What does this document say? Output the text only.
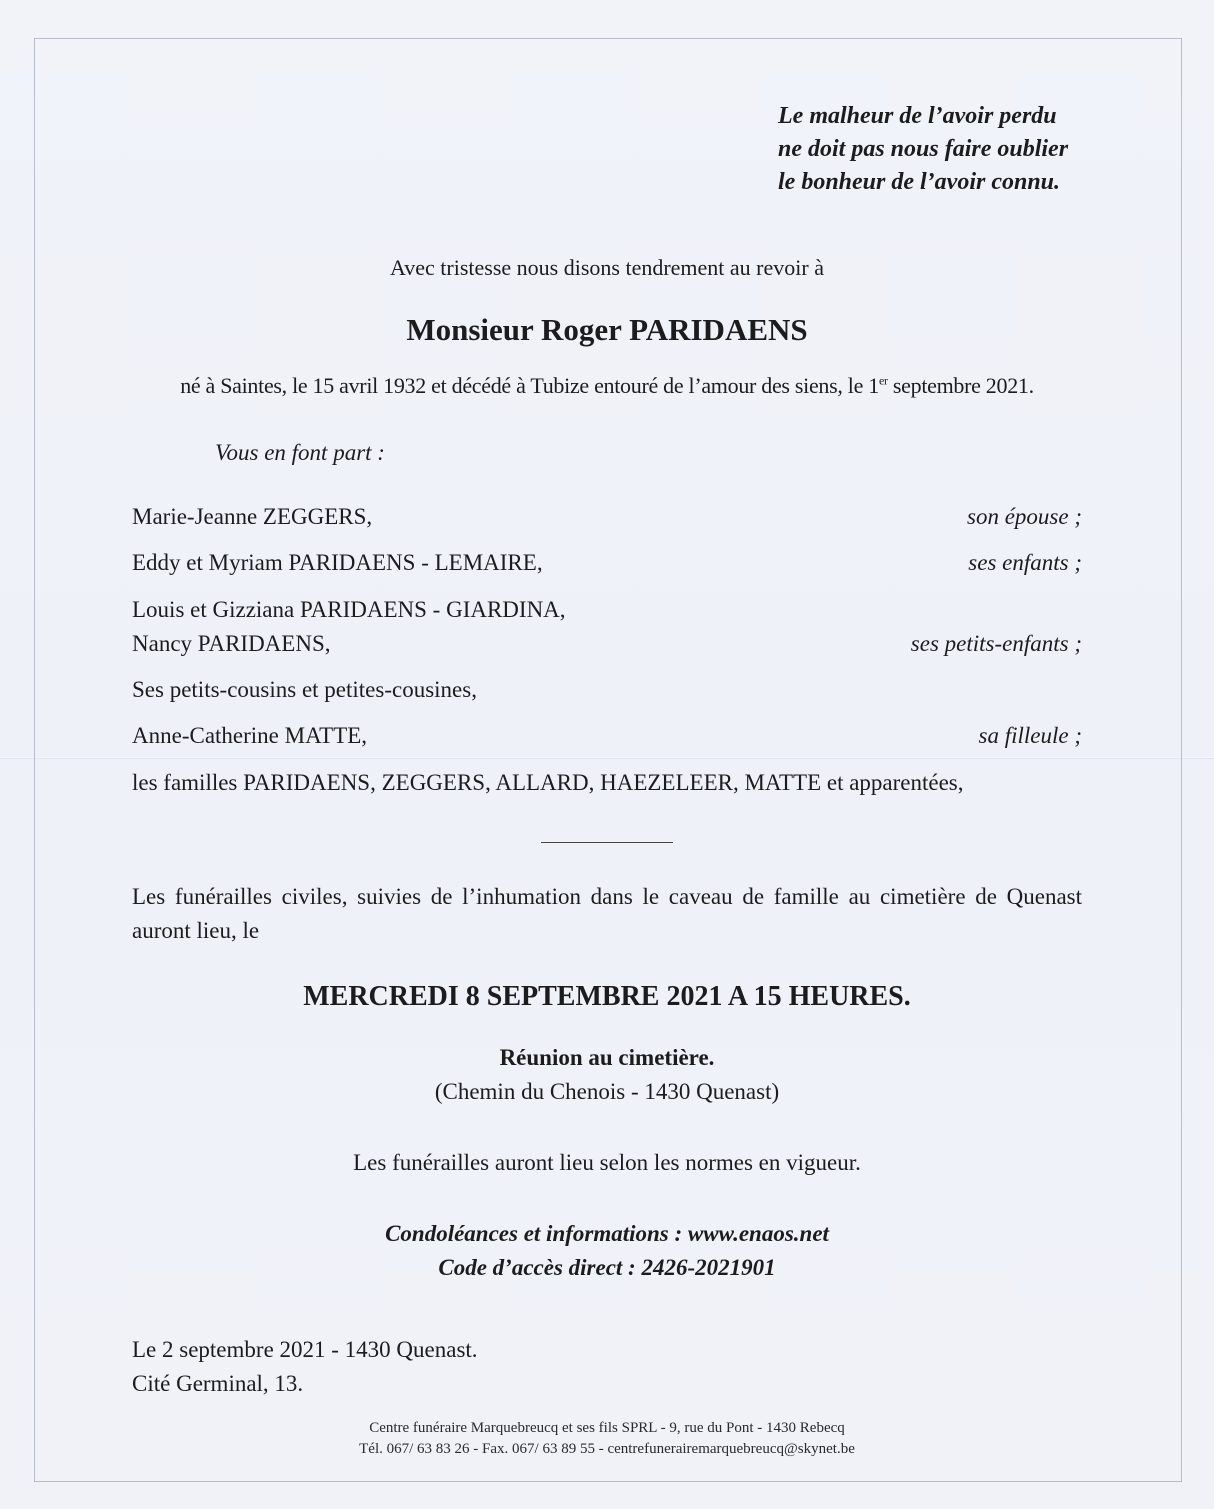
Le malheur de l’avoir perdu
ne doit pas nous faire oublier
le bonheur de l’avoir connu.
Avec tristesse nous disons tendrement au revoir à
Monsieur Roger PARIDAENS
né à Saintes, le 15 avril 1932 et décédé à Tubize entouré de l’amour des siens, le 1er septembre 2021.
Vous en font part :
Marie-Jeanne ZEGGERS,	son épouse ;
Eddy et Myriam PARIDAENS - LEMAIRE,	ses enfants ;
Louis et Gizziana PARIDAENS - GIARDINA,
Nancy PARIDAENS,	ses petits-enfants ;
Ses petits-cousins et petites-cousines,
Anne-Catherine MATTE,	sa filleule ;
les familles PARIDAENS, ZEGGERS, ALLARD, HAEZELEER, MATTE et apparentées,
Les funérailles civiles, suivies de l’inhumation dans le caveau de famille au cimetière de Quenast auront lieu, le
MERCREDI 8 SEPTEMBRE 2021 A 15 HEURES.
Réunion au cimetière.
(Chemin du Chenois - 1430 Quenast)
Les funérailles auront lieu selon les normes en vigueur.
Condoléances et informations : www.enaos.net
Code d’accès direct : 2426-2021901
Le 2 septembre 2021 - 1430 Quenast.
Cité Germinal, 13.
Centre funéraire Marquebreucq et ses fils SPRL - 9, rue du Pont - 1430 Rebecq
Tél. 067/ 63 83 26 - Fax. 067/ 63 89 55 - centrefunerairemarquebreucq@skynet.be
